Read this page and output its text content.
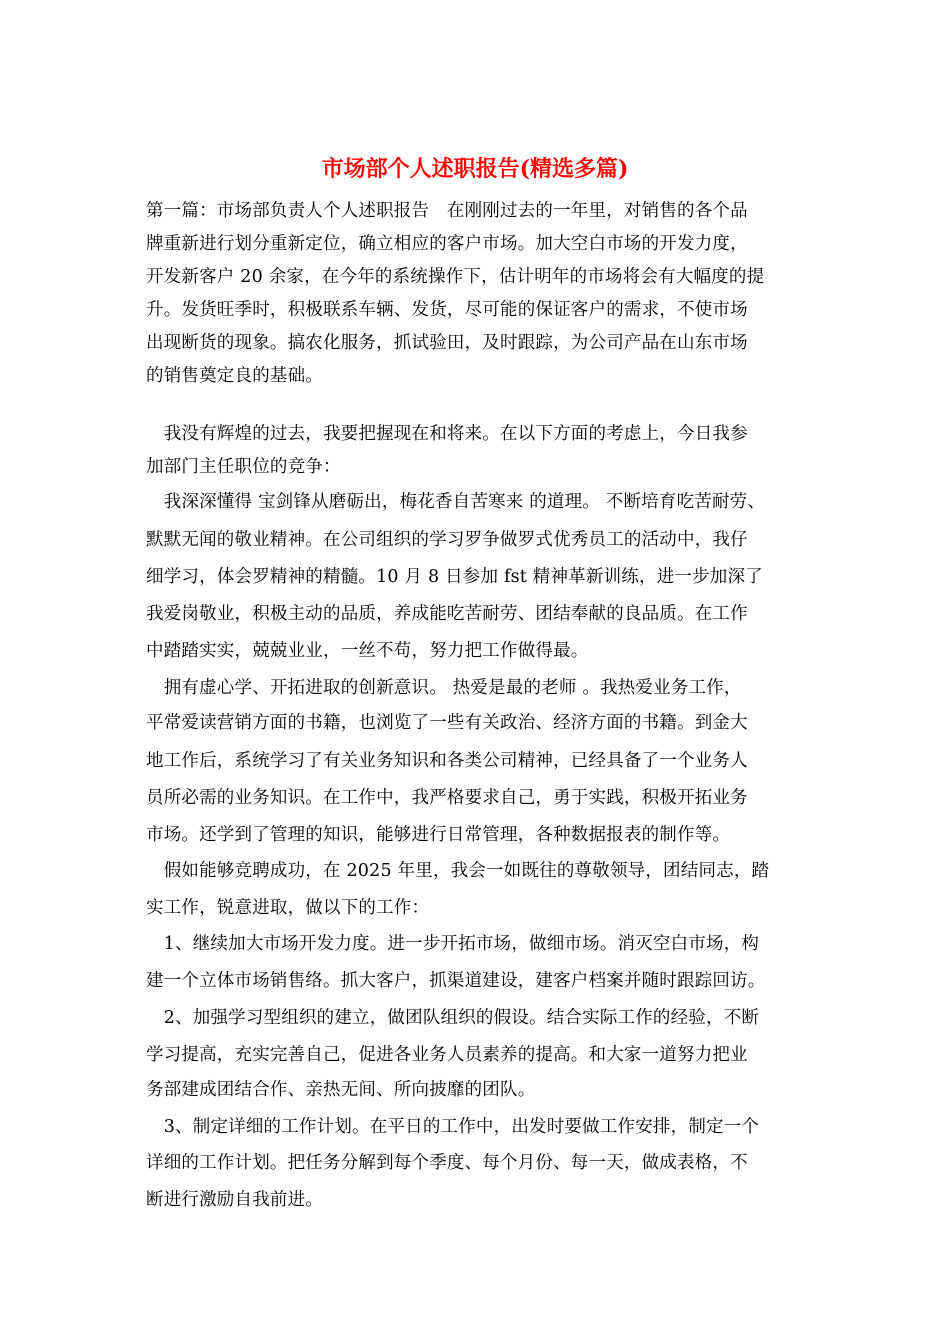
市场部个人述职报告(精选多篇)
第一篇：市场部负责人个人述职报告　在刚刚过去的一年里，对销售的各个品
牌重新进行划分重新定位，确立相应的客户市场。加大空白市场的开发力度，
开发新客户 20 余家，在今年的系统操作下，估计明年的市场将会有大幅度的提
升。发货旺季时，积极联系车辆、发货，尽可能的保证客户的需求，不使市场
出现断货的现象。搞农化服务，抓试验田，及时跟踪，为公司产品在山东市场
的销售奠定良的基础。
　我没有辉煌的过去，我要把握现在和将来。在以下方面的考虑上，今日我参
加部门主任职位的竞争：
　我深深懂得 宝剑锋从磨砺出，梅花香自苦寒来 的道理。 不断培育吃苦耐劳、
默默无闻的敬业精神。在公司组织的学习罗争做罗式优秀员工的活动中，我仔
细学习，体会罗精神的精髓。10 月 8 日参加 fst 精神革新训练，进一步加深了
我爱岗敬业，积极主动的品质，养成能吃苦耐劳、团结奉献的良品质。在工作
中踏踏实实，兢兢业业，一丝不苟，努力把工作做得最。
　拥有虚心学、开拓进取的创新意识。 热爱是最的老师 。我热爱业务工作，
平常爱读营销方面的书籍，也浏览了一些有关政治、经济方面的书籍。到金大
地工作后，系统学习了有关业务知识和各类公司精神，已经具备了一个业务人
员所必需的业务知识。在工作中，我严格要求自己，勇于实践，积极开拓业务
市场。还学到了管理的知识，能够进行日常管理，各种数据报表的制作等。
　假如能够竞聘成功，在 2025 年里，我会一如既往的尊敬领导，团结同志，踏
实工作，锐意进取，做以下的工作：
　1、继续加大市场开发力度。进一步开拓市场，做细市场。消灭空白市场，构
建一个立体市场销售络。抓大客户，抓渠道建设，建客户档案并随时跟踪回访。
　2、加强学习型组织的建立，做团队组织的假设。结合实际工作的经验，不断
学习提高，充实完善自己，促进各业务人员素养的提高。和大家一道努力把业
务部建成团结合作、亲热无间、所向披靡的团队。
　3、制定详细的工作计划。在平日的工作中，出发时要做工作安排，制定一个
详细的工作计划。把任务分解到每个季度、每个月份、每一天，做成表格，不
断进行激励自我前进。
